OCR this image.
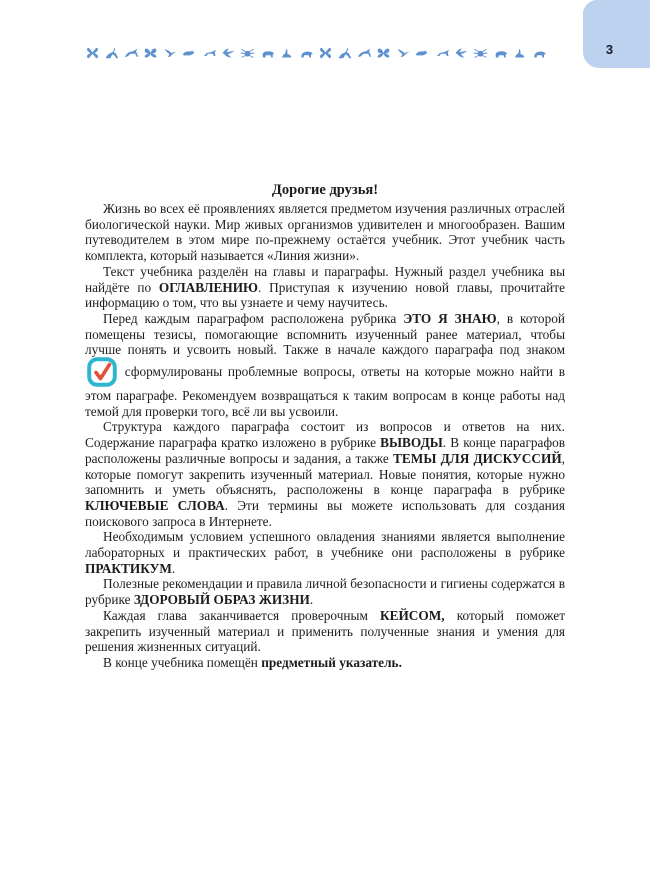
3
Дорогие друзья!

Жизнь во всех её проявлениях является предметом изучения различных отраслей биологической науки. Мир живых организмов удивителен и многообразен. Вашим путеводителем в этом мире по-прежнему остаётся учебник. Этот учебник часть комплекта, который называется «Линия жизни».

Текст учебника разделён на главы и параграфы. Нужный раздел учебника вы найдёте по ОГЛАВЛЕНИЮ. Приступая к изучению новой главы, прочитайте информацию о том, что вы узнаете и чему научитесь.

Перед каждым параграфом расположена рубрика ЭТО Я ЗНАЮ, в которой помещены тезисы, помогающие вспомнить изученный ранее материал, чтобы лучше понять и усвоить новый. Также в начале каждого параграфа под знаком
сформулированы проблемные вопросы, ответы на которые можно найти в этом параграфе. Рекомендуем возвращаться к таким вопросам в конце работы над темой для проверки того, всё ли вы усвоили.

Структура каждого параграфа состоит из вопросов и ответов на них. Содержание параграфа кратко изложено в рубрике ВЫВОДЫ. В конце параграфов расположены различные вопросы и задания, а также ТЕМЫ ДЛЯ ДИСКУССИЙ, которые помогут закрепить изученный материал. Новые понятия, которые нужно запомнить и уметь объяснять, расположены в конце параграфа в рубрике КЛЮЧЕВЫЕ СЛОВА. Эти термины вы можете использовать для создания поискового запроса в Интернете.

Необходимым условием успешного овладения знаниями является выполнение лабораторных и практических работ, в учебнике они расположены в рубрике ПРАКТИКУМ.

Полезные рекомендации и правила личной безопасности и гигиены содержатся в рубрике ЗДОРОВЫЙ ОБРАЗ ЖИЗНИ.

Каждая глава заканчивается проверочным КЕЙСОМ, который поможет закрепить изученный материал и применить полученные знания и умения для решения жизненных ситуаций.

В конце учебника помещён предметный указатель.
